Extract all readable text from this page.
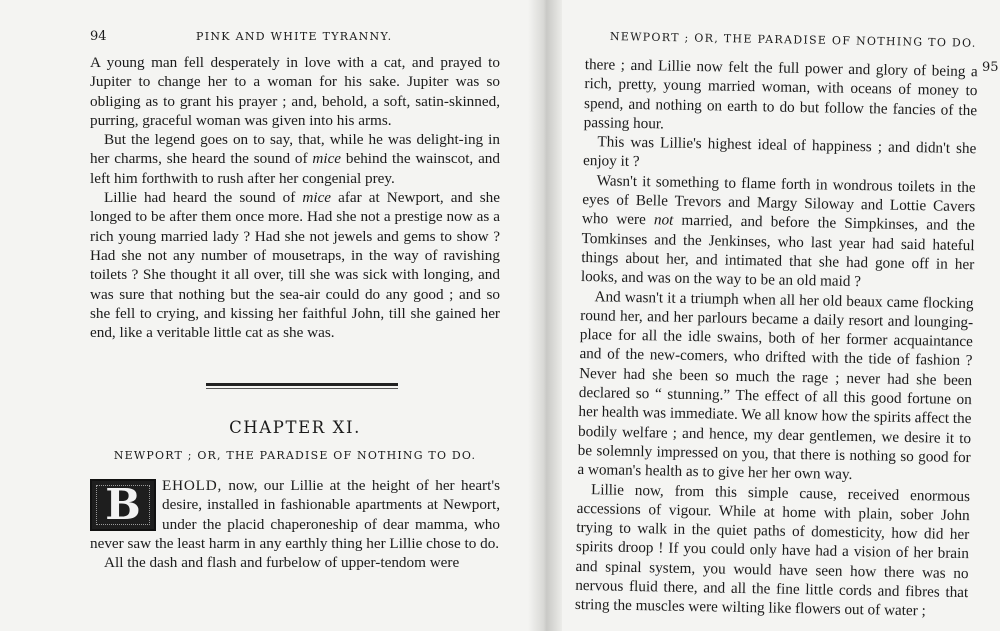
94	PINK AND WHITE TYRANNY.

A young man fell desperately in love with a cat, and prayed to Jupiter to change her to a woman for his sake. Jupiter was so obliging as to grant his prayer ; and, behold, a soft, satin-skinned, purring, graceful woman was given into his arms.

But the legend goes on to say, that, while he was delight-ing in her charms, she heard the sound of mice behind the wainscot, and left him forthwith to rush after her congenial prey.

Lillie had heard the sound of mice afar at Newport, and she longed to be after them once more. Had she not a prestige now as a rich young married lady ? Had she not jewels and gems to show ? Had she not any number of mousetraps, in the way of ravishing toilets ? She thought it all over, till she was sick with longing, and was sure that nothing but the sea-air could do any good ; and so she fell to crying, and kissing her faithful John, till she gained her end, like a veritable little cat as she was.

CHAPTER XI.
NEWPORT ; OR, THE PARADISE OF NOTHING TO DO.

B	EHOLD, now, our Lillie at the height of her heart's desire, installed in fashionable apartments at Newport, under the placid chaperoneship of dear mamma, who never saw the least harm in any earthly thing her Lillie chose to do.

All the dash and flash and furbelow of upper-tendom were

NEWPORT ; OR, THE PARADISE OF NOTHING TO DO.
95

there ; and Lillie now felt the full power and glory of being a rich, pretty, young married woman, with oceans of money to spend, and nothing on earth to do but follow the fancies of the passing hour.

This was Lillie's highest ideal of happiness ; and didn't she enjoy it ?

Wasn't it something to flame forth in wondrous toilets in the eyes of Belle Trevors and Margy Siloway and Lottie Cavers who were not married, and before the Simpkinses, and the Tomkinses and the Jenkinses, who last year had said hateful things about her, and intimated that she had gone off in her looks, and was on the way to be an old maid ?

And wasn't it a triumph when all her old beaux came flocking round her, and her parlours became a daily resort and lounging-place for all the idle swains, both of her former acquaintance and of the new-comers, who drifted with the tide of fashion ? Never had she been so much the rage ; never had she been declared so “ stunning.” The effect of all this good fortune on her health was immediate. We all know how the spirits affect the bodily welfare ; and hence, my dear gentlemen, we desire it to be solemnly impressed on you, that there is nothing so good for a woman's health as to give her her own way.

Lillie now, from this simple cause, received enormous accessions of vigour. While at home with plain, sober John trying to walk in the quiet paths of domesticity, how did her spirits droop ! If you could only have had a vision of her brain and spinal system, you would have seen how there was no nervous fluid there, and all the fine little cords and fibres that string the muscles were wilting like flowers out of water ;
